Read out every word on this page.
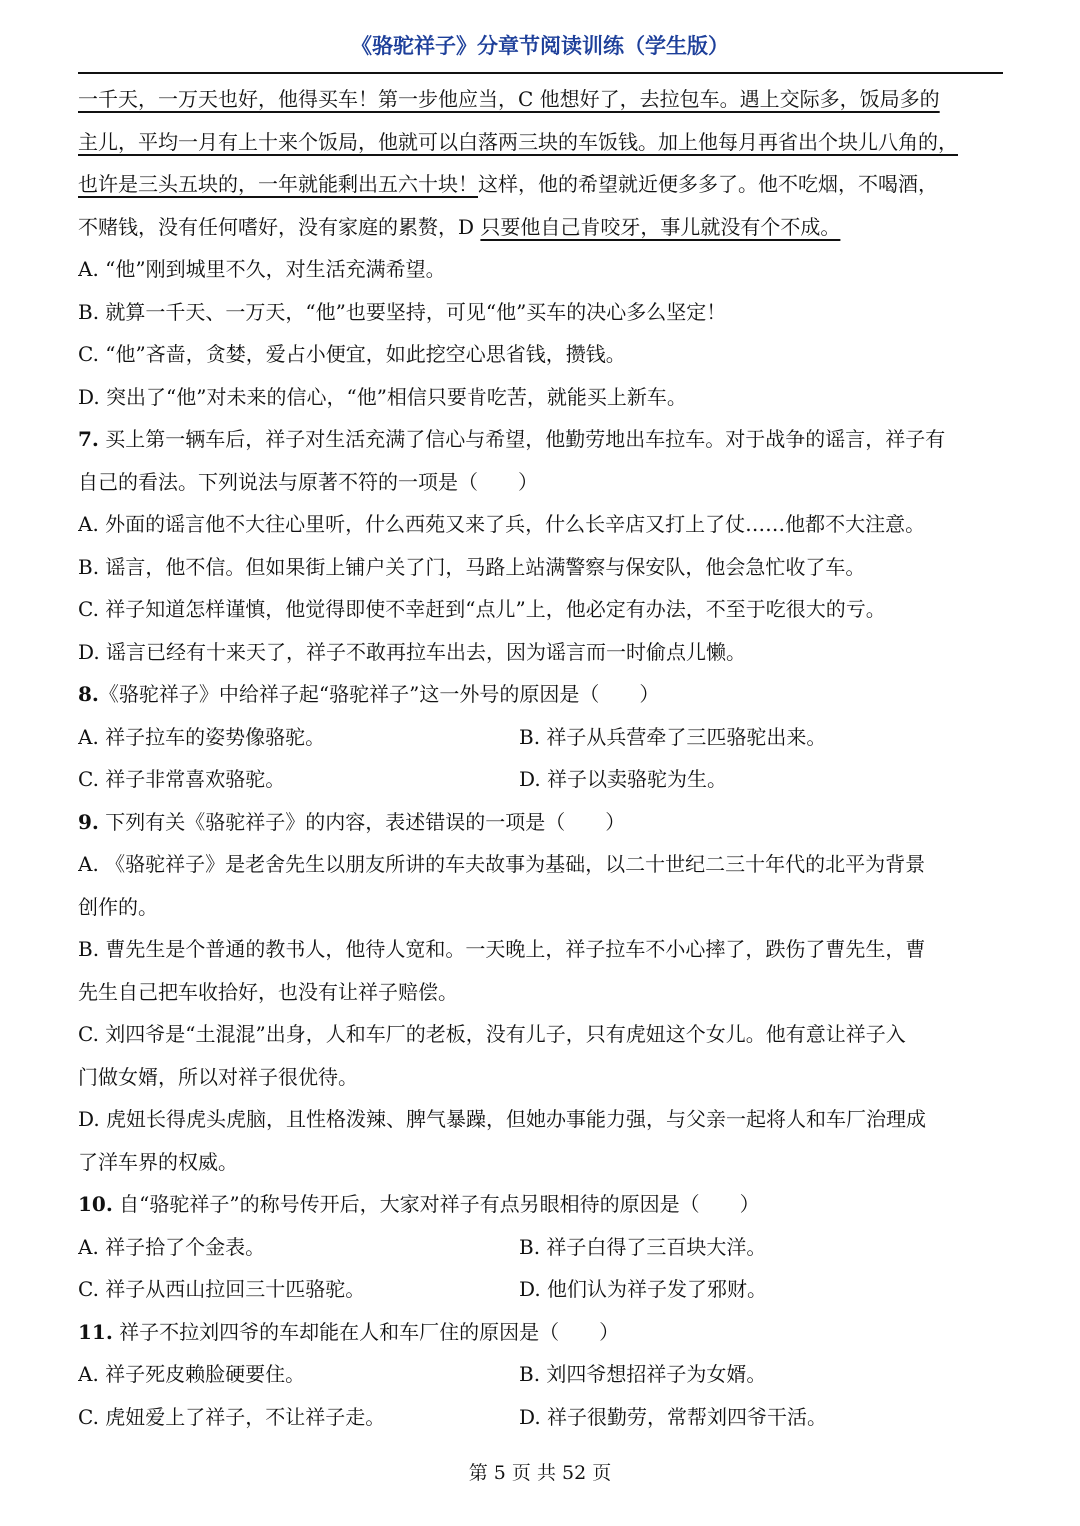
《骆驼祥子》分章节阅读训练（学生版）
一千天，一万天也好，他得买车！第一步他应当，C 他想好了，去拉包车。遇上交际多，饭局多的
主儿，平均一月有上十来个饭局，他就可以白落两三块的车饭钱。加上他每月再省出个块儿八角的，
也许是三头五块的，一年就能剩出五六十块！这样，他的希望就近便多多了。他不吃烟，不喝酒，
不赌钱，没有任何嗜好，没有家庭的累赘，D 只要他自己肯咬牙，事儿就没有个不成。
A. “他”刚到城里不久，对生活充满希望。
B. 就算一千天、一万天，“他”也要坚持，可见“他”买车的决心多么坚定！
C. “他”吝啬，贪婪，爱占小便宜，如此挖空心思省钱，攒钱。
D. 突出了“他”对未来的信心，“他”相信只要肯吃苦，就能买上新车。
7. 买上第一辆车后，祥子对生活充满了信心与希望，他勤劳地出车拉车。对于战争的谣言，祥子有
自己的看法。下列说法与原著不符的一项是（　　）
A. 外面的谣言他不大往心里听，什么西苑又来了兵，什么长辛店又打上了仗……他都不大注意。
B. 谣言，他不信。但如果街上铺户关了门，马路上站满警察与保安队，他会急忙收了车。
C. 祥子知道怎样谨慎，他觉得即使不幸赶到“点儿”上，他必定有办法，不至于吃很大的亏。
D. 谣言已经有十来天了，祥子不敢再拉车出去，因为谣言而一时偷点儿懒。
8.《骆驼祥子》中给祥子起“骆驼祥子”这一外号的原因是（　　）
A. 祥子拉车的姿势像骆驼。	B. 祥子从兵营牵了三匹骆驼出来。
C. 祥子非常喜欢骆驼。	D. 祥子以卖骆驼为生。
9. 下列有关《骆驼祥子》的内容，表述错误的一项是（　　）
A. 《骆驼祥子》是老舍先生以朋友所讲的车夫故事为基础，以二十世纪二三十年代的北平为背景
创作的。
B. 曹先生是个普通的教书人，他待人宽和。一天晚上，祥子拉车不小心摔了，跌伤了曹先生，曹
先生自己把车收拾好，也没有让祥子赔偿。
C. 刘四爷是“土混混”出身，人和车厂的老板，没有儿子，只有虎妞这个女儿。他有意让祥子入
门做女婿，所以对祥子很优待。
D. 虎妞长得虎头虎脑，且性格泼辣、脾气暴躁，但她办事能力强，与父亲一起将人和车厂治理成
了洋车界的权威。
10. 自“骆驼祥子”的称号传开后，大家对祥子有点另眼相待的原因是（　　）
A. 祥子拾了个金表。	B. 祥子白得了三百块大洋。
C. 祥子从西山拉回三十匹骆驼。	D. 他们认为祥子发了邪财。
11. 祥子不拉刘四爷的车却能在人和车厂住的原因是（　　）
A. 祥子死皮赖脸硬要住。	B. 刘四爷想招祥子为女婿。
C. 虎妞爱上了祥子，不让祥子走。	D. 祥子很勤劳，常帮刘四爷干活。
第 5 页 共 52 页
